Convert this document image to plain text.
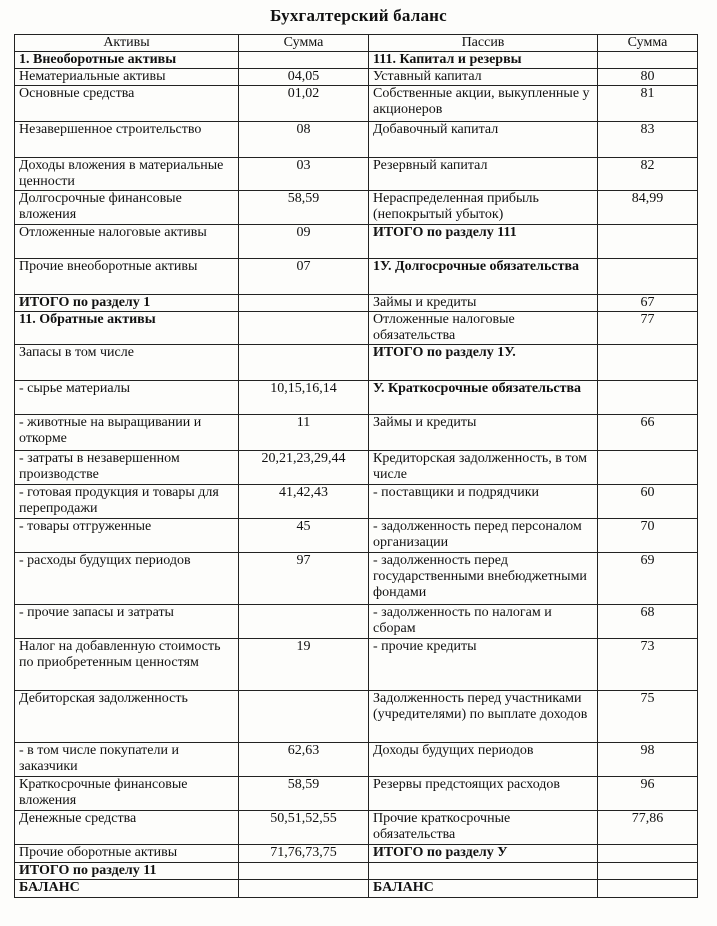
Бухгалтерский баланс
Активы	Сумма	Пассив	Сумма
1. Внеоборотные активы		111. Капитал и резервы	
Нематериальные активы	04,05	Уставный капитал	80
Основные средства	01,02	Собственные акции, выкупленные у акционеров	81
Незавершенное строительство	08	Добавочный капитал	83
Доходы вложения в материальные ценности	03	Резервный капитал	82
Долгосрочные финансовые вложения	58,59	Нераспределенная прибыль (непокрытый убыток)	84,99
Отложенные налоговые активы	09	ИТОГО по разделу 111	
Прочие внеоборотные активы	07	1У. Долгосрочные обязательства	
ИТОГО по разделу 1		Займы и кредиты	67
11. Обратные активы		Отложенные налоговые обязательства	77
Запасы в том числе		ИТОГО по разделу 1У.	
- сырье материалы	10,15,16,14	У. Краткосрочные обязательства	
- животные на выращивании и откорме	11	Займы и кредиты	66
- затраты в незавершенном производстве	20,21,23,29,44	Кредиторская задолженность, в том числе	
- готовая продукция и товары для перепродажи	41,42,43	- поставщики и подрядчики	60
- товары отгруженные	45	- задолженность перед персоналом организации	70
- расходы будущих периодов	97	- задолженность перед государственными внебюджетными фондами	69
- прочие запасы и затраты		- задолженность по налогам и сборам	68
Налог на добавленную стоимость по приобретенным ценностям	19	- прочие кредиты	73
Дебиторская задолженность		Задолженность перед участниками (учредителями) по выплате доходов	75
- в том числе покупатели и заказчики	62,63	Доходы будущих периодов	98
Краткосрочные финансовые вложения	58,59	Резервы предстоящих расходов	96
Денежные средства	50,51,52,55	Прочие краткосрочные обязательства	77,86
Прочие оборотные активы	71,76,73,75	ИТОГО по разделу У	
ИТОГО по разделу 11			
БАЛАНС		БАЛАНС	
